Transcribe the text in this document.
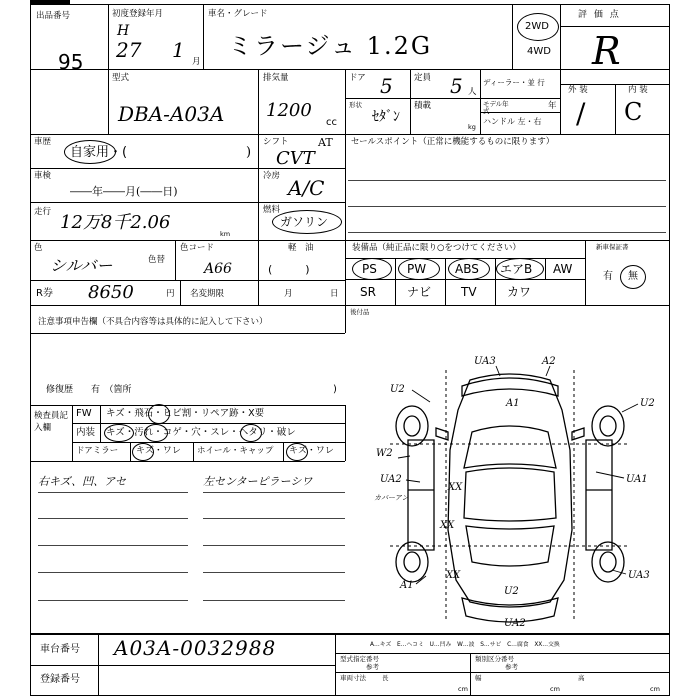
出品番号
95
初度登録年月
H
27 1 月
車名・グレード
ミラージュ 1.2G
2WD
4WD
評 価 点
R
外 装	内 装
/ C
型式
DBA-A03A
排気量
1200
cc
ドア 5	定員 5 人
ディーラー・並 行
モデル年式	年
形状
ｾﾀﾞﾝ
積載
kg
ハンドル 左・右
車歴
自家用・(	)
シフト	AT
CVT
セールスポイント（正常に機能するものに限ります）
車検
――年――月(――日)
冷房 A/C
走行 12万8千2.06
km
燃料
ガソリン
軽　油
(　　　)
色
シルバー	色替
色コード
A66
R券 8650	円 名変期限	月	日
装備品（純正品に限り○をつけてください）
PS	PW ABS エアB AW
SR	ナビ TV	カワ
新車保証書
有 無
後付品
注意事項申告欄（不具合内容等は具体的に記入して下さい）
修復歴　　有　（箇所	)
検査員記入欄
FW キズ・飛石・ヒビ割・リペア跡・X要
内装 キズ・汚れ・コゲ・穴・スレ・ヘタリ・破レ
ドアミラー キズ・ワレ ホイール・キャップ キズ・ワレ
右キズ、凹、アセ	左センターピラーシワ
UA3	A2
U2
A1	U2
W2
UA2
カバーアン
XX
XX
UA1
A1
XX
U2
UA3
UA2
車台番号 A03A-0032988
登録番号
A…キズ　E…ヘコミ　U…凹み　W…波　S…サビ　C…腐食　XX…交換
型式指定番号	類別区分番号
参考	参考
車両寸法 長	幅	高
cm	cm	cm
